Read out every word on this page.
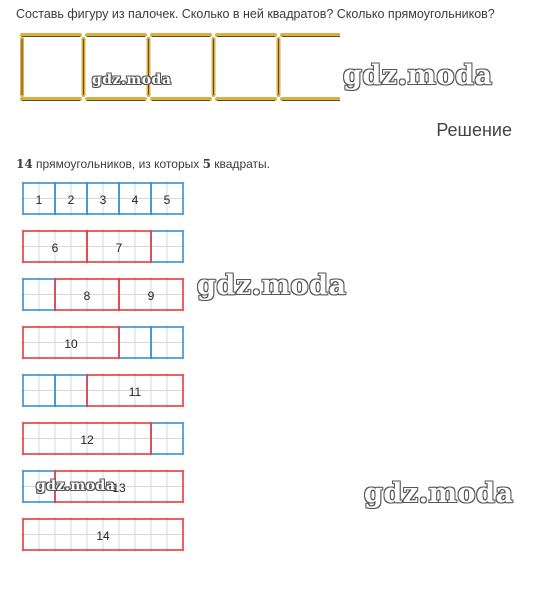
Составь фигуру из палочек. Сколько в ней квадратов? Сколько прямоугольников?
gdz.moda	gdz.moda
Решение
14 прямоугольников, из которых 5 квадраты.
1 2 3 4 5
6	7
8	9
10
11
12
13
14
gdz.moda
gdz.moda	gdz.moda
